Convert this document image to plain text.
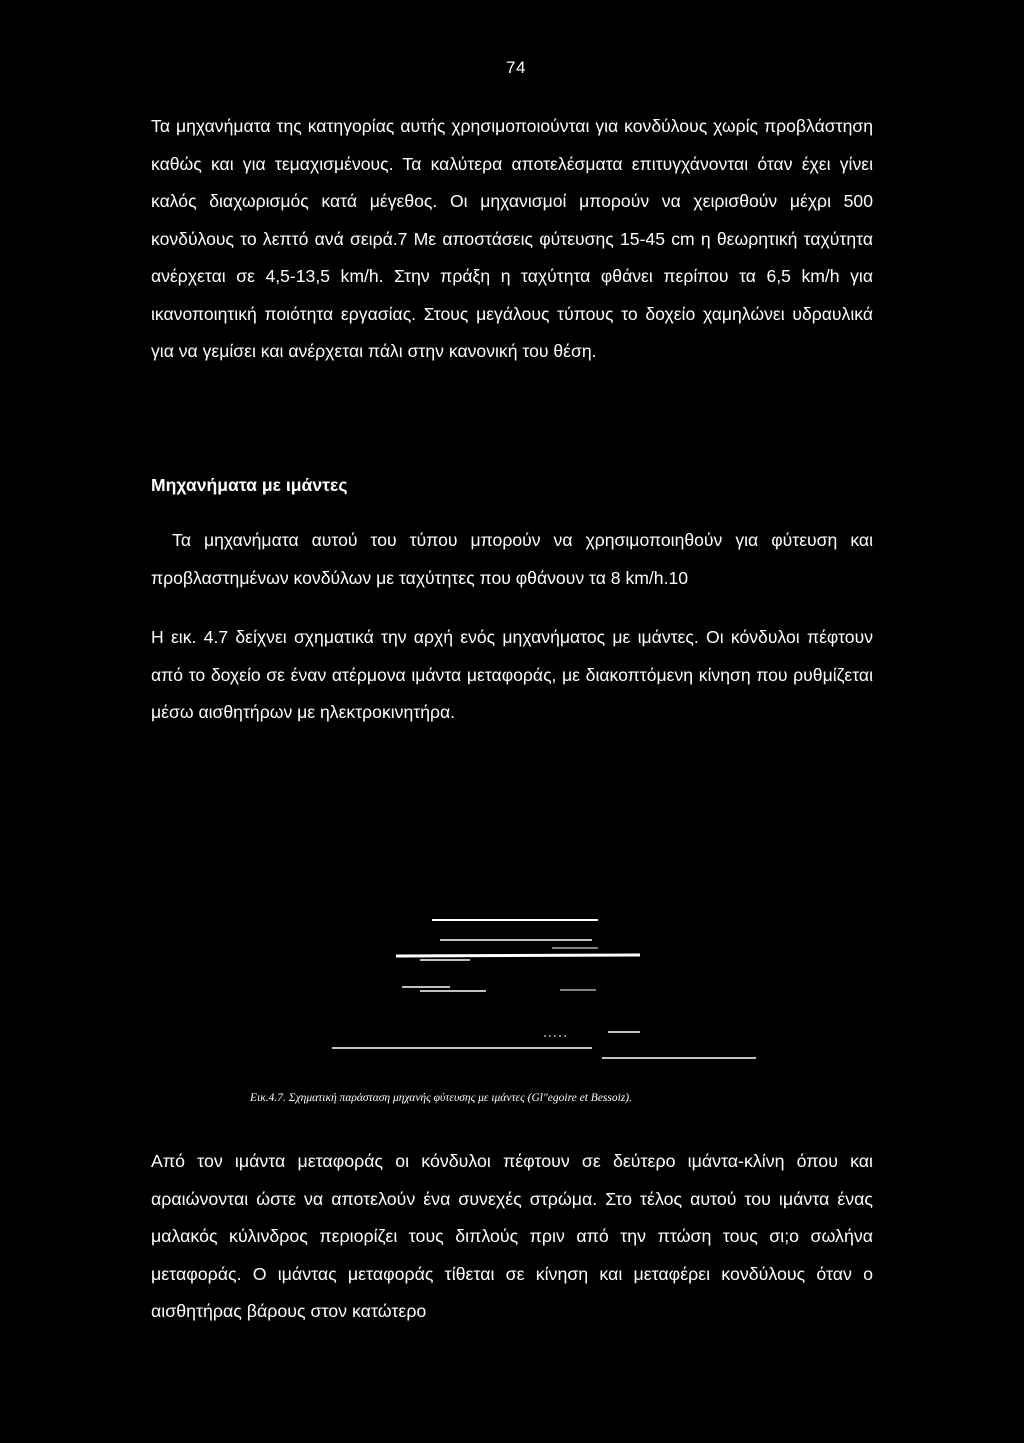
74

Τα μηχανήματα της κατηγορίας αυτής χρησιμοποιούνται για κονδύλους χωρίς προβλάστηση καθώς και για τεμαχισμένους. Τα καλύτερα αποτελέσματα επιτυγχάνονται όταν έχει γίνει καλός διαχωρισμός κατά μέγεθος. Οι μηχανισμοί μπορούν να χειρισθούν μέχρι 500 κονδύλους το λεπτό ανά σειρά.7 Με αποστάσεις φύτευσης 15-45 cm η θεωρητική ταχύτητα ανέρχεται σε 4,5-13,5 km/h. Στην πράξη η ταχύτητα φθάνει περίπου τα 6,5 km/h για ικανοποιητική ποιότητα εργασίας. Στους μεγάλους τύπους το δοχείο χαμηλώνει υδραυλικά για να γεμίσει και ανέρχεται πάλι στην κανονική του θέση.

Μηχανήματα με ιμάντες

Τα μηχανήματα αυτού του τύπου μπορούν να χρησιμοποιηθούν για φύτευση και προβλαστημένων κονδύλων με ταχύτητες που φθάνουν τα 8 km/h.10

Η εικ. 4.7 δείχνει σχηματικά την αρχή ενός μηχανήματος με ιμάντες. Οι κόνδυλοι πέφτουν από το δοχείο σε έναν ατέρμονα ιμάντα μεταφοράς, με διακοπτόμενη κίνηση που ρυθμίζεται μέσω αισθητήρων με ηλεκτροκινητήρα.

Εικ.4.7. Σχηματική παράσταση μηχανής φύτευσης με ιμάντες (Gl"egoire et Bessoiz).

Από τον ιμάντα μεταφοράς οι κόνδυλοι πέφτουν σε δεύτερο ιμάντα-κλίνη όπου και αραιώνονται ώστε να αποτελούν ένα συνεχές στρώμα. Στο τέλος αυτού του ιμάντα ένας μαλακός κύλινδρος περιορίζει τους διπλούς πριν από την πτώση τους σι;ο σωλήνα μεταφοράς. Ο ιμάντας μεταφοράς τίθεται σε κίνηση και μεταφέρει κονδύλους όταν ο αισθητήρας βάρους στον κατώτερο
